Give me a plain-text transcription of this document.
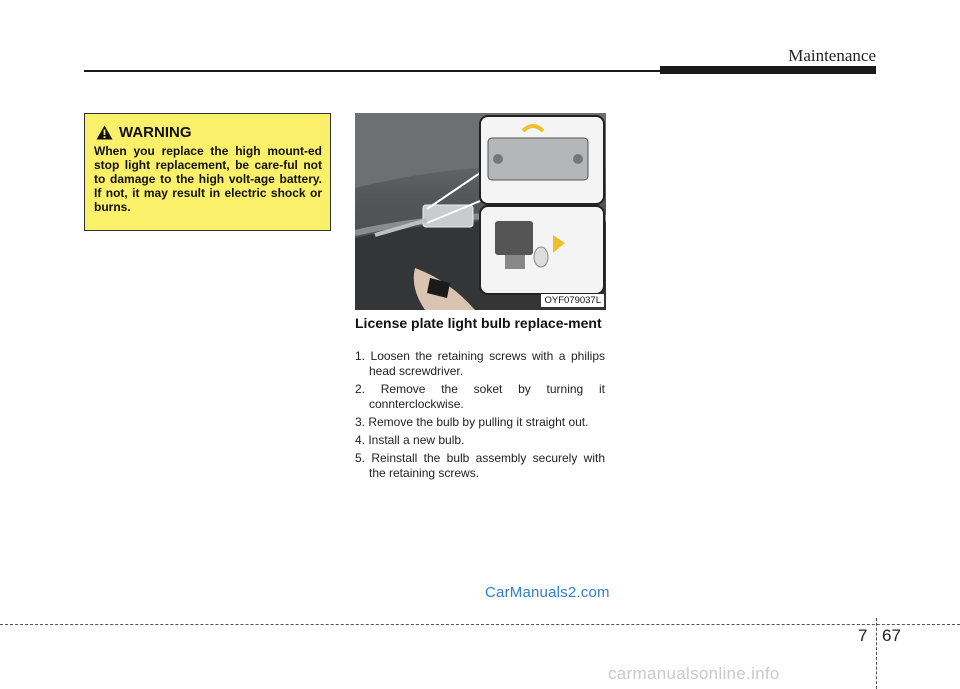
Maintenance
WARNING
When you replace the high mount-ed stop light replacement, be care-ful not to damage to the high volt-age battery. If not, it may result in electric shock or burns.
OYF079037L
License plate light bulb replace-ment
1. Loosen the retaining screws with a philips head screwdriver.
2. Remove the soket by turning it connterclockwise.
3. Remove the bulb by pulling it straight out.
4. Install a new bulb.
5. Reinstall the bulb assembly securely with the retaining screws.
CarManuals2.com
7 67
carmanualsonline.info
